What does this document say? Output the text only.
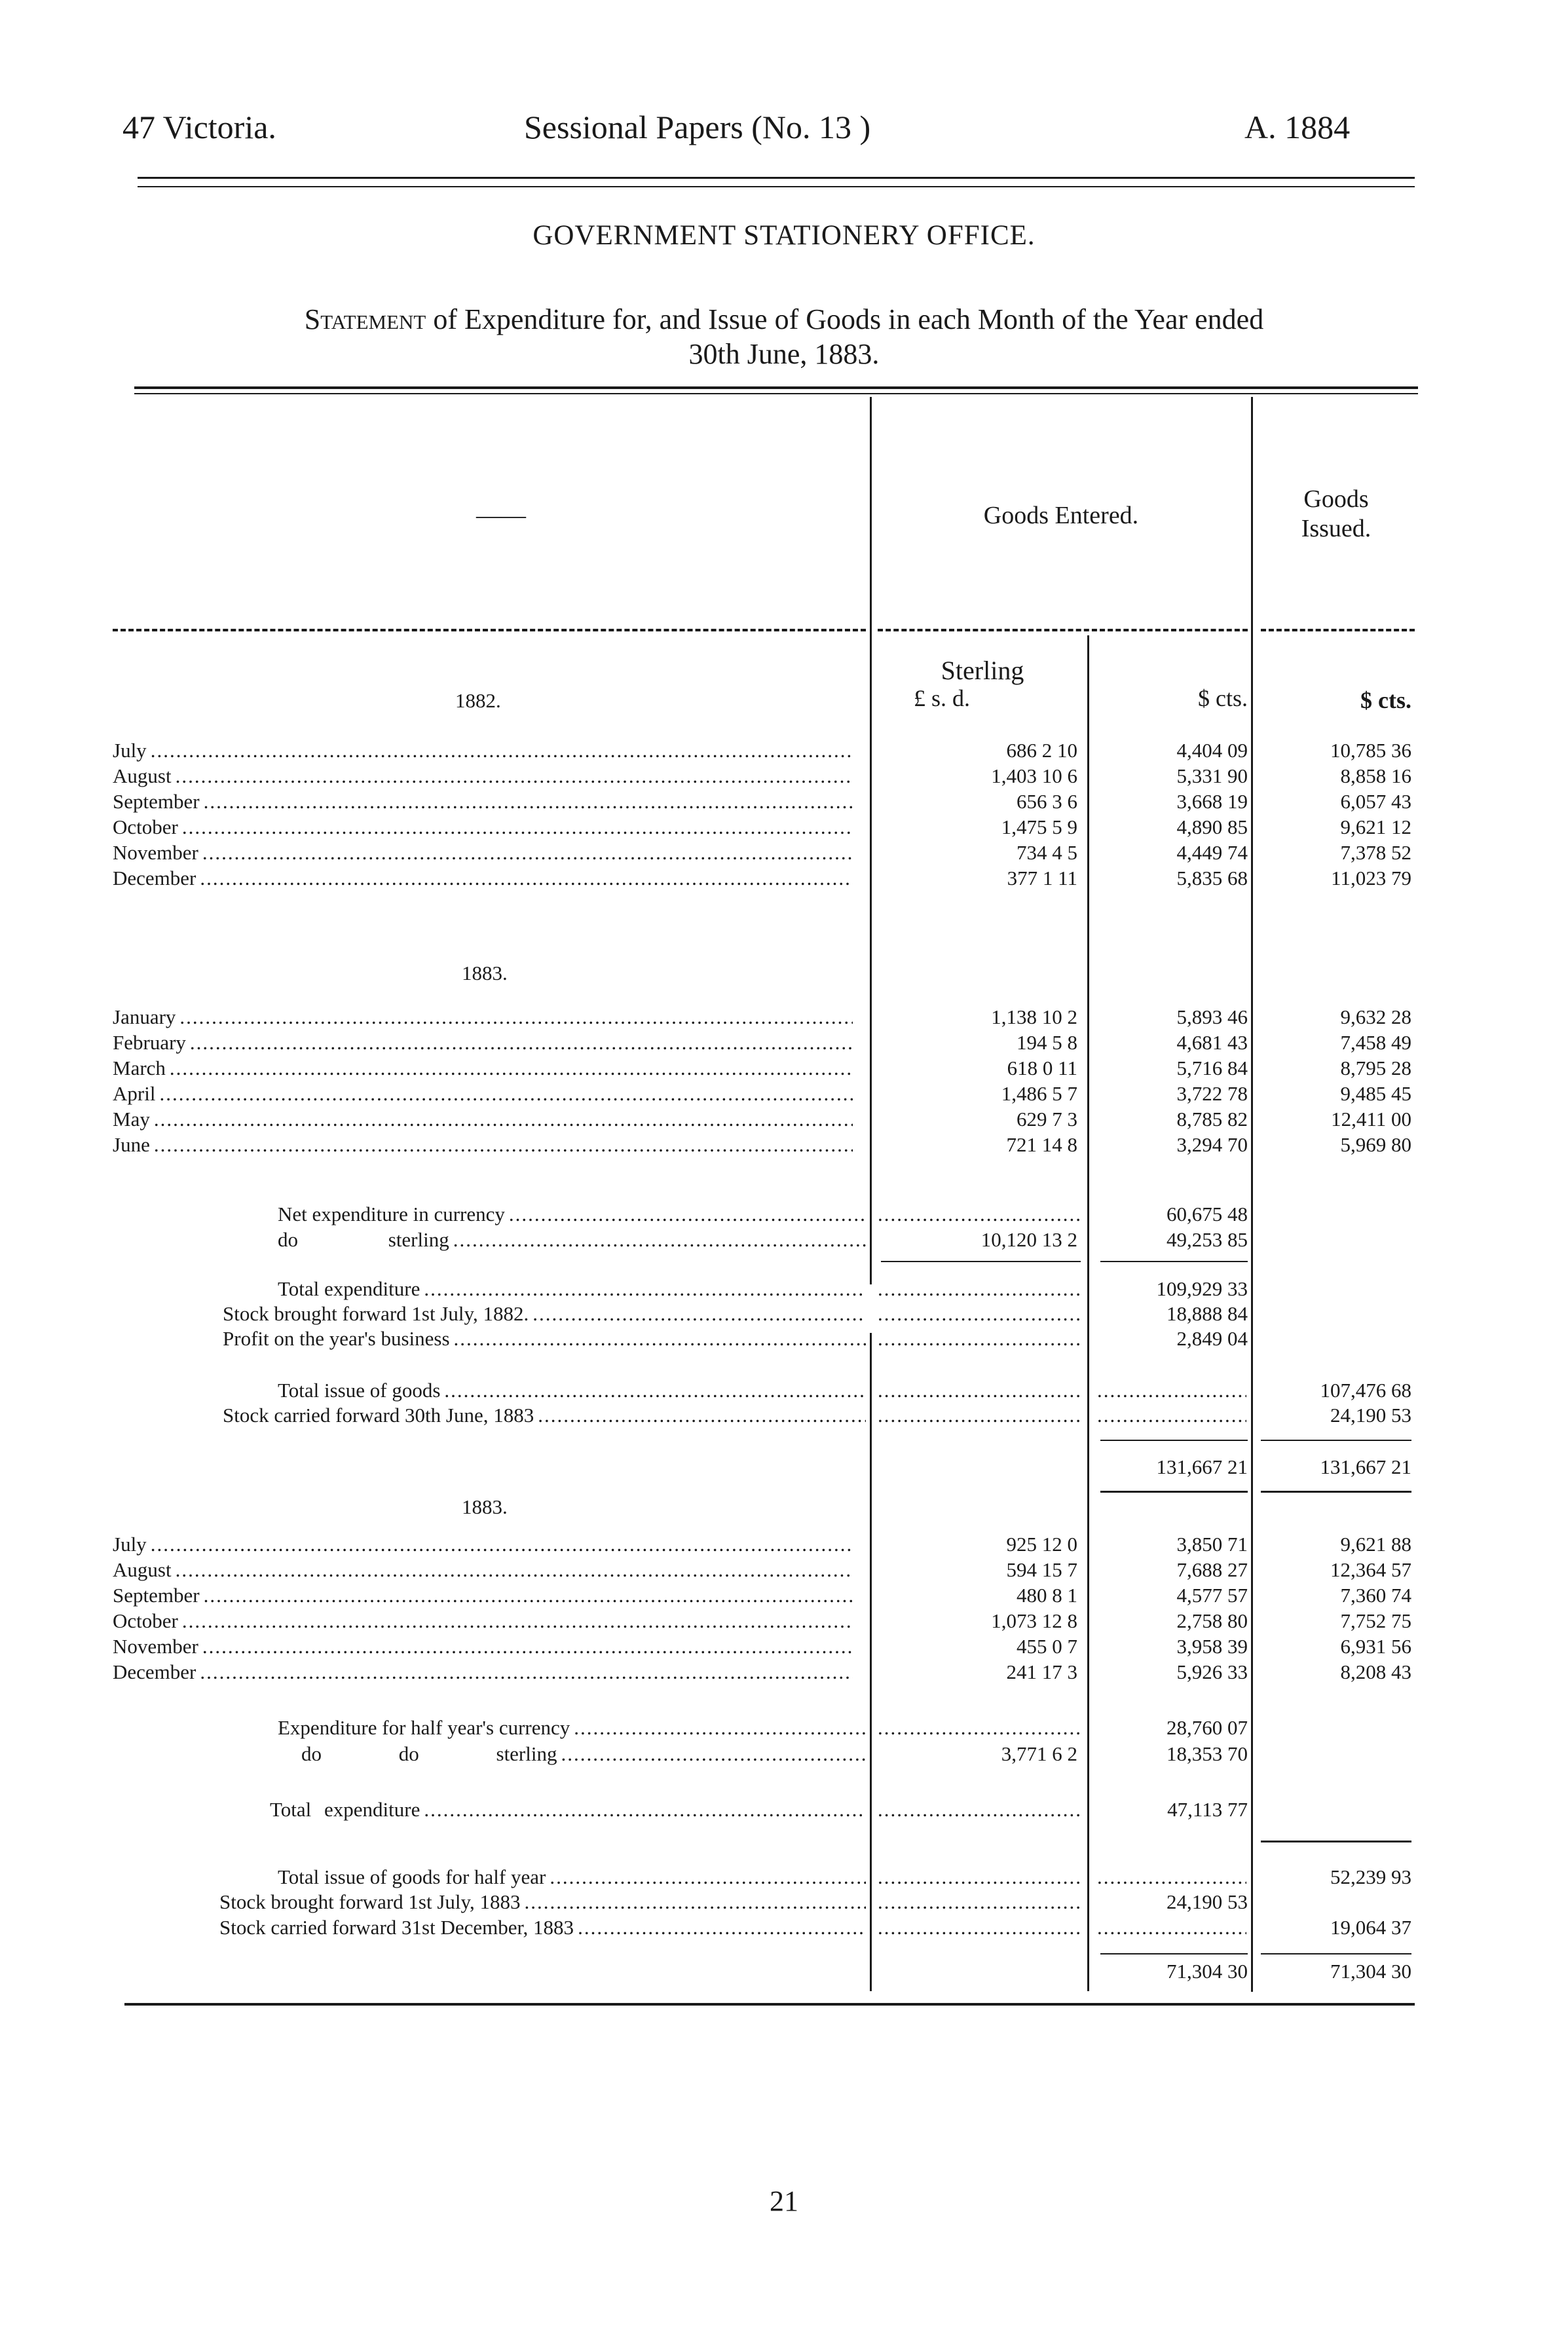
47 Victoria.	Sessional Papers (No. 13 )	A. 1884
GOVERNMENT STATIONERY OFFICE.
Statement of Expenditure for, and Issue of Goods in each Month of the Year ended
30th June, 1883.
——	Goods Entered.
Goods
Issued.
Sterling
£ s. d.	$ cts.	$ cts.
1882.
1883.
1883.
July .....	686 2 10	4,404 09	10,785 36
August .....	1,403 10 6	5,331 90	8,858 16
September .....	656 3 6	3,668 19	6,057 43
October .....	1,475 5 9	4,890 85	9,621 12
November .....	734 4 5	4,449 74	7,378 52
December .....	377 1 11	5,835 68	11,023 79
January .....	1,138 10 2	5,893 46	9,632 28
February .....	194 5 8	4,681 43	7,458 49
March .....	618 0 11	5,716 84	8,795 28
April .....	1,486 5 7	3,722 78	9,485 45
May .....	629 7 3	8,785 82	12,411 00
June .....	721 14 8	3,294 70	5,969 80
July .....	925 12 0	3,850 71	9,621 88
August .....	594 15 7	7,688 27	12,364 57
September .....	480 8 1	4,577 57	7,360 74
October .....	1,073 12 8	2,758 80	7,752 75
November .....	455 0 7	3,958 39	6,931 56
December .....	241 17 3	5,926 33	8,208 43
Net expenditure in currency ..... .....	60,675 48
do sterling .....	10,120 13 2	49,253 85
Total expenditure ..... .....	109,929 33
Stock brought forward 1st July, 1882. ..... .....	18,888 84
Profit on the year's business ..... .....	2,849 04
Total issue of goods ..... ..... .....	107,476 68
Stock carried forward 30th June, 1883 ..... ..... .....	24,190 53
131,667 21	131,667 21
Expenditure for half year's currency ..... .....	28,760 07
do do sterling .....	3,771 6 2	18,353 70
Total expenditure ..... .....	47,113 77
Total issue of goods for half year ..... ..... .....	52,239 93
Stock brought forward 1st July, 1883 ..... .....	24,190 53
Stock carried forward 31st December, 1883 ..... ..... .....	19,064 37
71,304 30	71,304 30
21
